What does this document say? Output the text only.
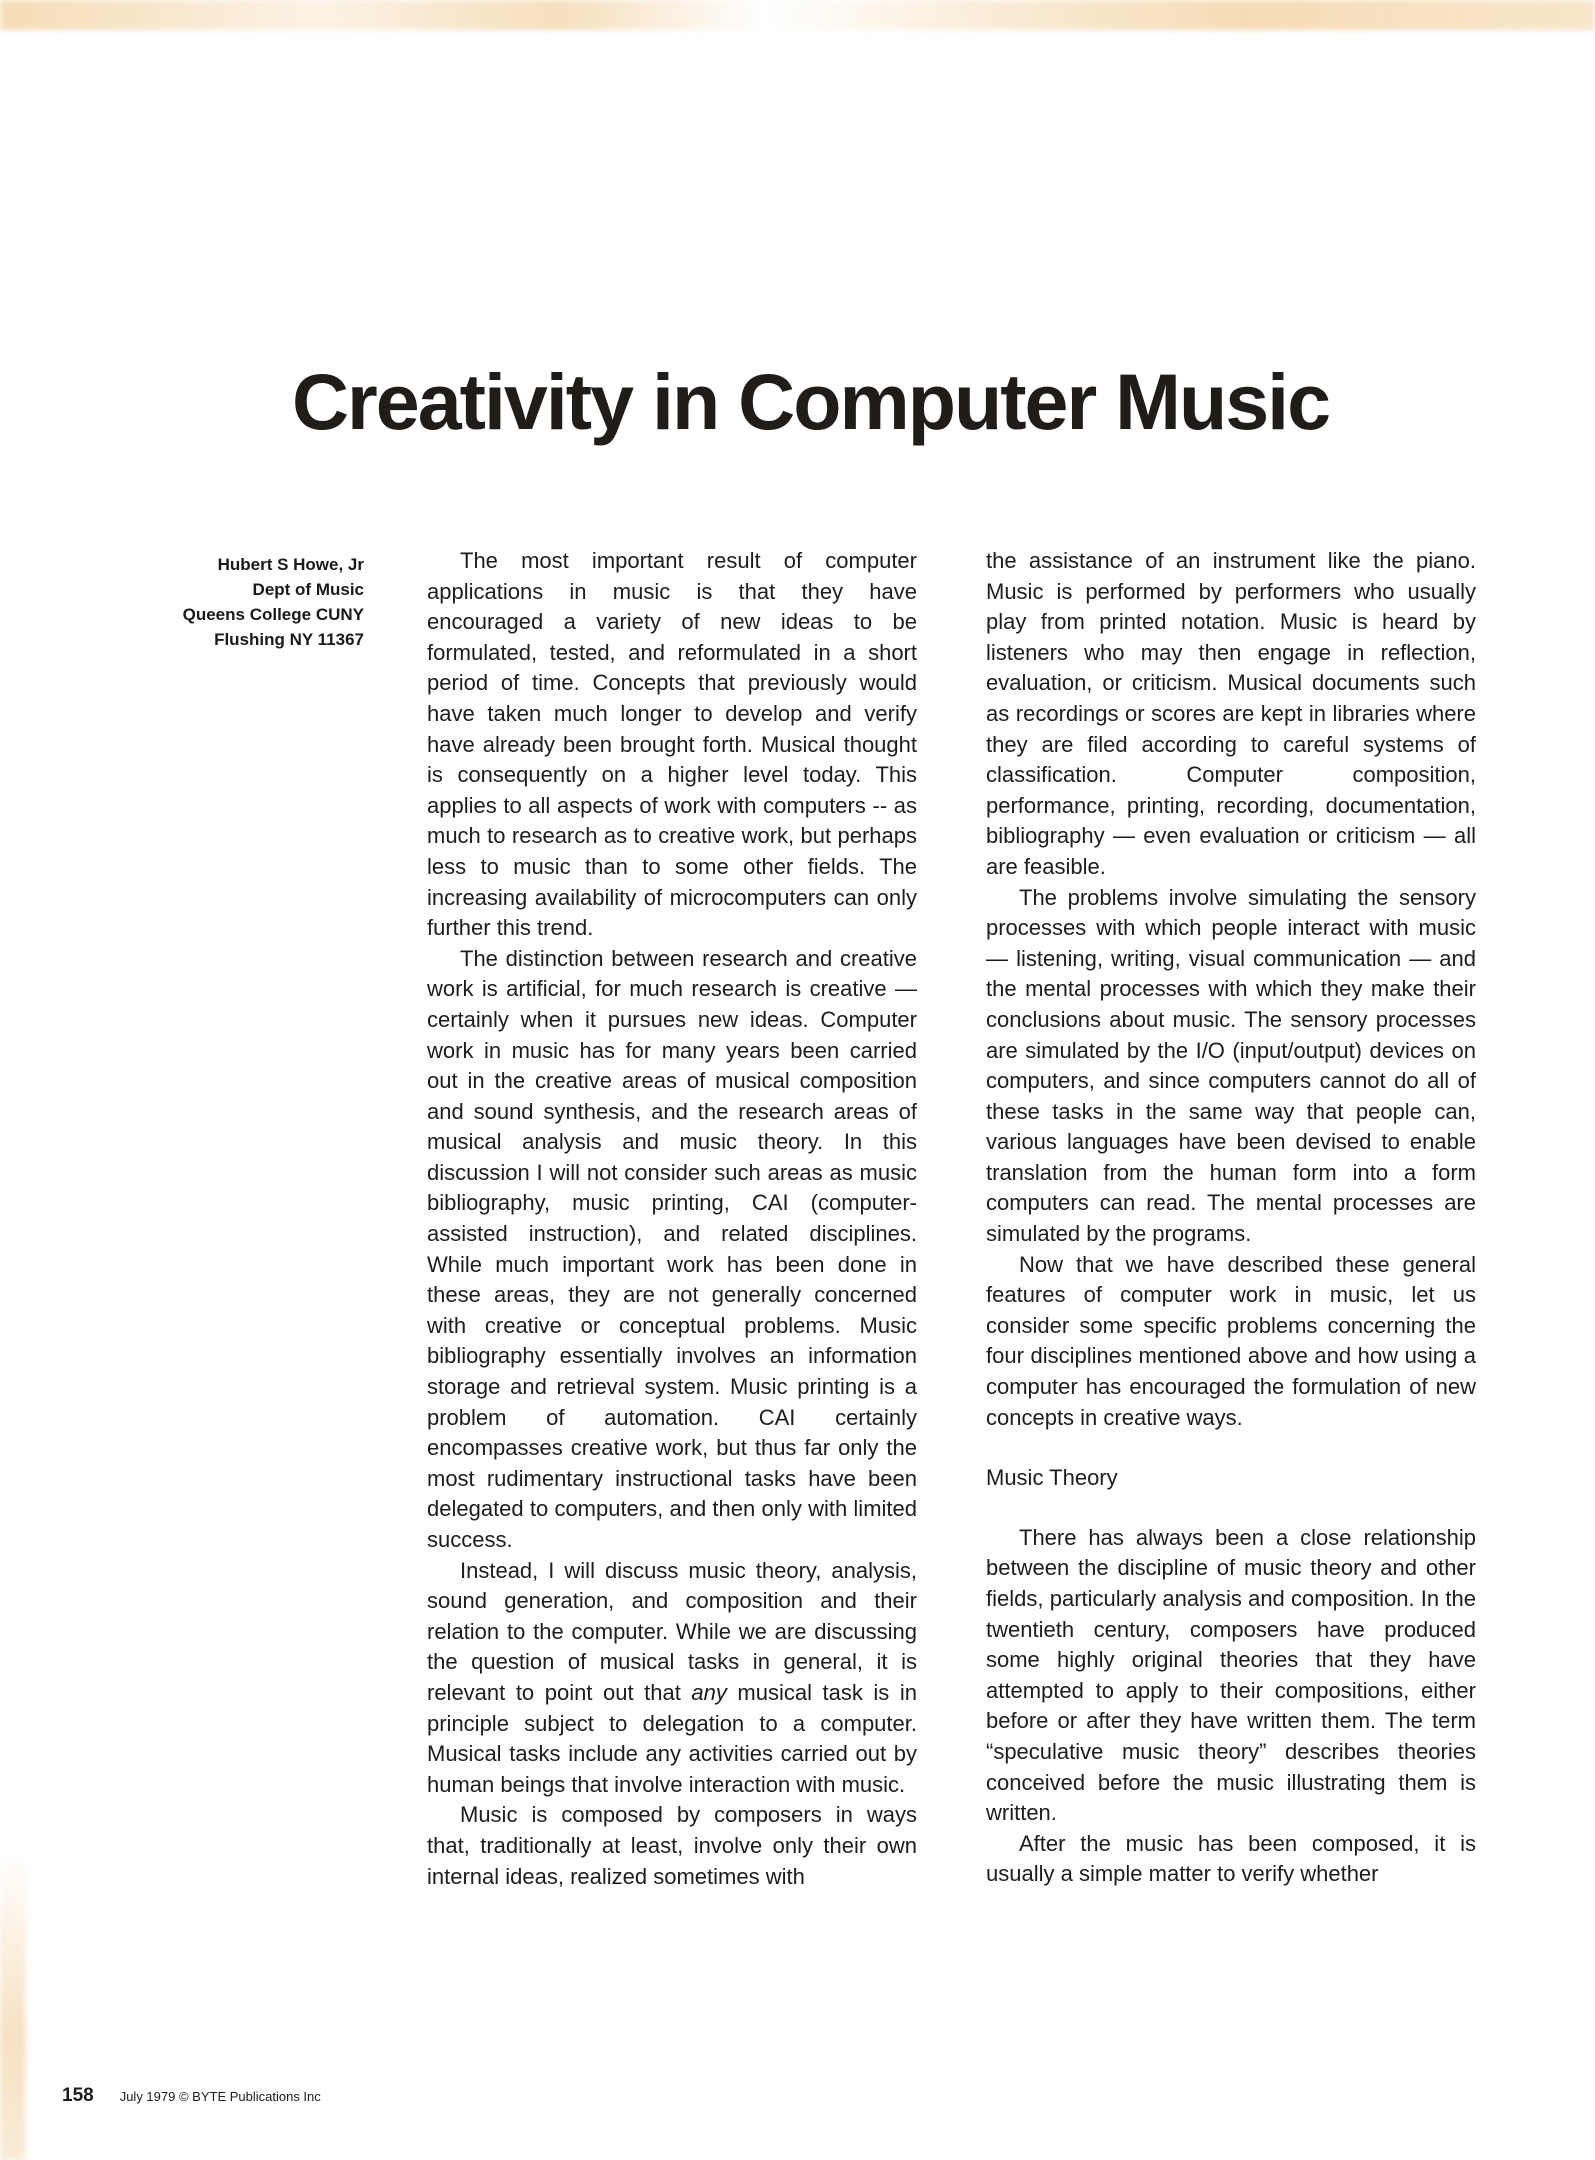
Creativity in Computer Music
Hubert S Howe, Jr
Dept of Music
Queens College CUNY
Flushing NY 11367

The most important result of computer applications in music is that they have encouraged a variety of new ideas to be formulated, tested, and reformulated in a short period of time. Concepts that previously would have taken much longer to develop and verify have already been brought forth. Musical thought is consequently on a higher level today. This applies to all aspects of work with computers -- as much to research as to creative work, but perhaps less to music than to some other fields. The increasing availability of microcomputers can only further this trend.

The distinction between research and creative work is artificial, for much research is creative — certainly when it pursues new ideas. Computer work in music has for many years been carried out in the creative areas of musical composition and sound synthesis, and the research areas of musical analysis and music theory. In this discussion I will not consider such areas as music bibliography, music printing, CAI (computer-assisted instruction), and related disciplines. While much important work has been done in these areas, they are not generally concerned with creative or conceptual problems. Music bibliography essentially involves an information storage and retrieval system. Music printing is a problem of automation. CAI certainly encompasses creative work, but thus far only the most rudimentary instructional tasks have been delegated to computers, and then only with limited success.

Instead, I will discuss music theory, analysis, sound generation, and composition and their relation to the computer. While we are discussing the question of musical tasks in general, it is relevant to point out that any musical task is in principle subject to delegation to a computer. Musical tasks include any activities carried out by human beings that involve interaction with music.

Music is composed by composers in ways that, traditionally at least, involve only their own internal ideas, realized sometimes with

the assistance of an instrument like the piano. Music is performed by performers who usually play from printed notation. Music is heard by listeners who may then engage in reflection, evaluation, or criticism. Musical documents such as recordings or scores are kept in libraries where they are filed according to careful systems of classification. Computer composition, performance, printing, recording, documentation, bibliography — even evaluation or criticism — all are feasible.

The problems involve simulating the sensory processes with which people interact with music — listening, writing, visual communication — and the mental processes with which they make their conclusions about music. The sensory processes are simulated by the I/O (input/output) devices on computers, and since computers cannot do all of these tasks in the same way that people can, various languages have been devised to enable translation from the human form into a form computers can read. The mental processes are simulated by the programs.

Now that we have described these general features of computer work in music, let us consider some specific problems concerning the four disciplines mentioned above and how using a computer has encouraged the formulation of new concepts in creative ways.

Music Theory

There has always been a close relationship between the discipline of music theory and other fields, particularly analysis and composition. In the twentieth century, composers have produced some highly original theories that they have attempted to apply to their compositions, either before or after they have written them. The term “speculative music theory” describes theories conceived before the music illustrating them is written.

After the music has been composed, it is usually a simple matter to verify whether

158 July 1979 © BYTE Publications Inc
